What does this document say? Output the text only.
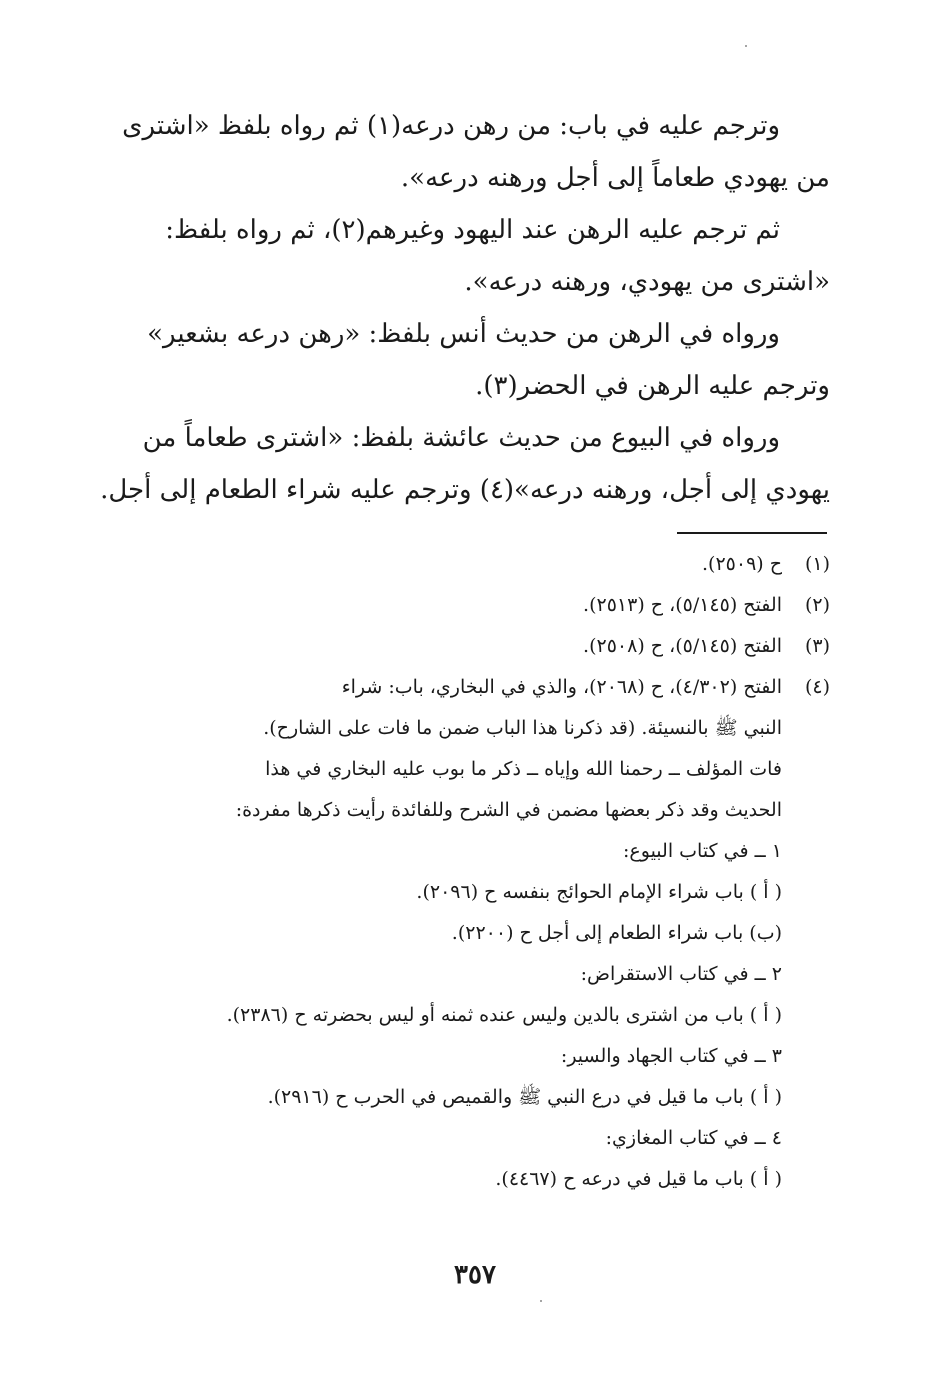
وترجم عليه في باب: من رهن درعه(١) ثم رواه بلفظ «اشترى
من يهودي طعاماً إلى أجل ورهنه درعه».
ثم ترجم عليه الرهن عند اليهود وغيرهم(٢)، ثم رواه بلفظ:
«اشترى من يهودي، ورهنه درعه».
ورواه في الرهن من حديث أنس بلفظ: «رهن درعه بشعير»
وترجم عليه الرهن في الحضر(٣).
ورواه في البيوع من حديث عائشة بلفظ: «اشترى طعاماً من
يهودي إلى أجل، ورهنه درعه»(٤) وترجم عليه شراء الطعام إلى أجل.
(١)ح (٢٥٠٩).
(٢)الفتح (٥/١٤٥)، ح (٢٥١٣).
(٣)الفتح (٥/١٤٥)، ح (٢٥٠٨).
(٤)الفتح (٤/٣٠٢)، ح (٢٠٦٨)، والذي في البخاري، باب: شراء
النبي ﷺ بالنسيئة. (قد ذكرنا هذا الباب ضمن ما فات على الشارح).
فات المؤلف ــ رحمنا الله وإياه ــ ذكر ما بوب عليه البخاري في هذا
الحديث وقد ذكر بعضها مضمن في الشرح وللفائدة رأيت ذكرها مفردة:
١ ــ في كتاب البيوع:
( أ ) باب شراء الإمام الحوائج بنفسه ح (٢٠٩٦).
(ب) باب شراء الطعام إلى أجل ح (٢٢٠٠).
٢ ــ في كتاب الاستقراض:
( أ ) باب من اشترى بالدين وليس عنده ثمنه أو ليس بحضرته ح (٢٣٨٦).
٣ ــ في كتاب الجهاد والسير:
( أ ) باب ما قيل في درع النبي ﷺ والقميص في الحرب ح (٢٩١٦).
٤ ــ في كتاب المغازي:
( أ ) باب ما قيل في درعه ح (٤٤٦٧).
٣٥٧
